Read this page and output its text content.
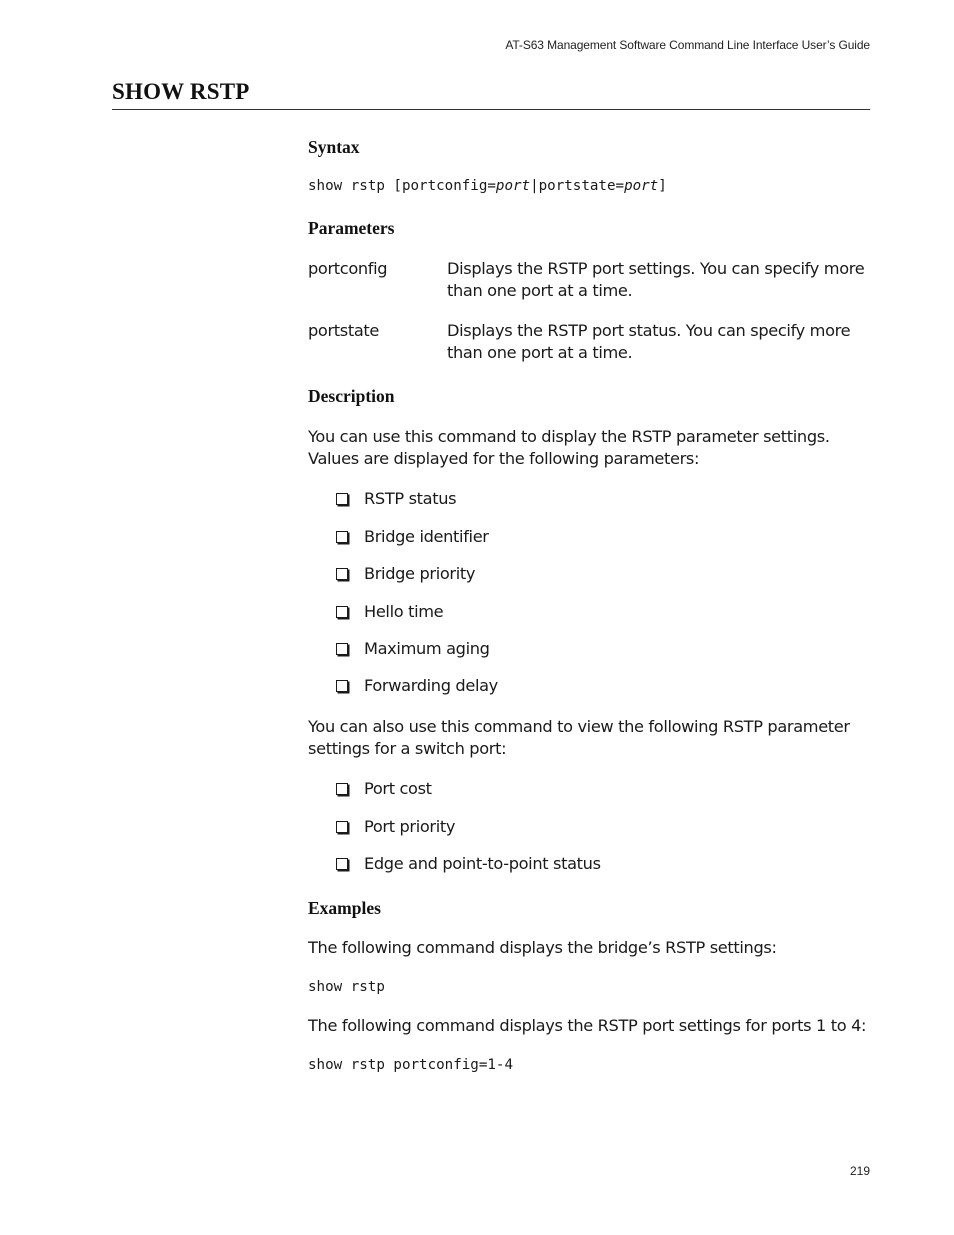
AT-S63 Management Software Command Line Interface User’s Guide
SHOW RSTP
Syntax
show rstp [portconfig=port|portstate=port]
Parameters
portconfig	Displays the RSTP port settings. You can specify more than one port at a time.
portstate	Displays the RSTP port status. You can specify more than one port at a time.
Description
You can use this command to display the RSTP parameter settings. Values are displayed for the following parameters:
RSTP status
Bridge identifier
Bridge priority
Hello time
Maximum aging
Forwarding delay
You can also use this command to view the following RSTP parameter settings for a switch port:
Port cost
Port priority
Edge and point-to-point status
Examples
The following command displays the bridge’s RSTP settings:
show rstp
The following command displays the RSTP port settings for ports 1 to 4:
show rstp portconfig=1-4
219
